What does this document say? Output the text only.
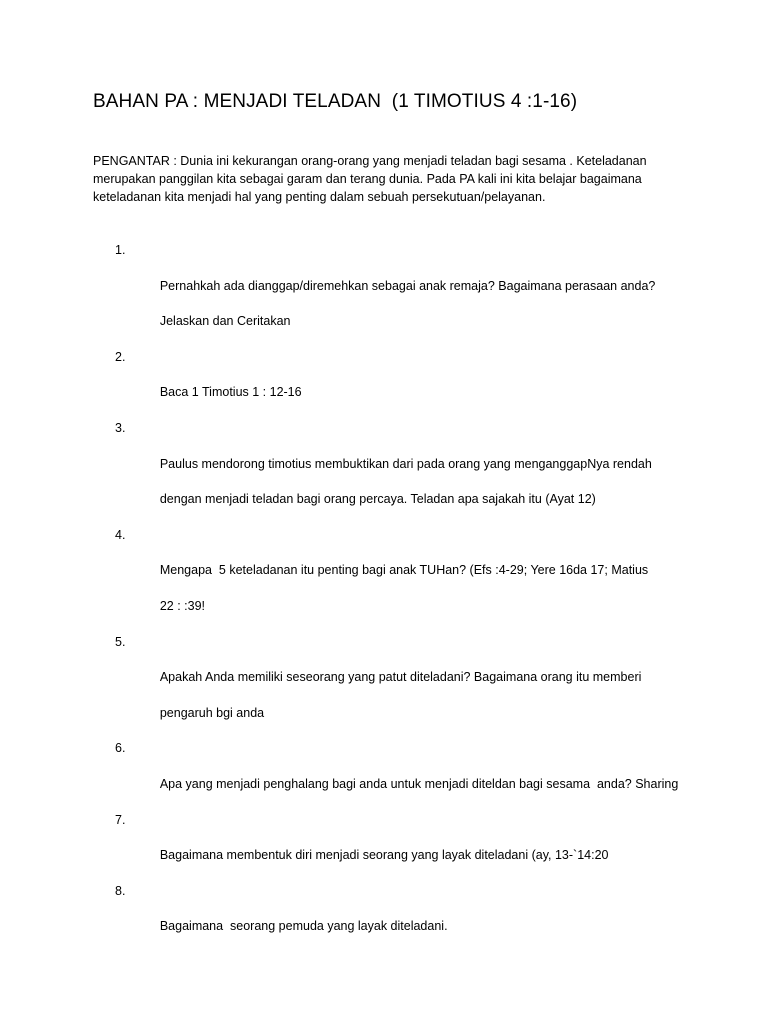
BAHAN PA : MENJADI TELADAN  (1 TIMOTIUS 4 :1-16)

PENGANTAR : Dunia ini kekurangan orang-orang yang menjadi teladan bagi sesama . Keteladanan
merupakan panggilan kita sebagai garam dan terang dunia. Pada PA kali ini kita belajar bagaimana
keteladanan kita menjadi hal yang penting dalam sebuah persekutuan/pelayanan.

1.

Pernahkah ada dianggap/diremehkan sebagai anak remaja? Bagaimana perasaan anda?

Jelaskan dan Ceritakan

2.

Baca 1 Timotius 1 : 12-16

3.

Paulus mendorong timotius membuktikan dari pada orang yang menganggapNya rendah

dengan menjadi teladan bagi orang percaya. Teladan apa sajakah itu (Ayat 12)

4.

Mengapa  5 keteladanan itu penting bagi anak TUHan? (Efs :4-29; Yere 16da 17; Matius

22 : :39!

5.

Apakah Anda memiliki seseorang yang patut diteladani? Bagaimana orang itu memberi

pengaruh bgi anda

6.

Apa yang menjadi penghalang bagi anda untuk menjadi diteldan bagi sesama  anda? Sharing

7.

Bagaimana membentuk diri menjadi seorang yang layak diteladani (ay, 13-`14:20

8.

Bagaimana  seorang pemuda yang layak diteladani.
